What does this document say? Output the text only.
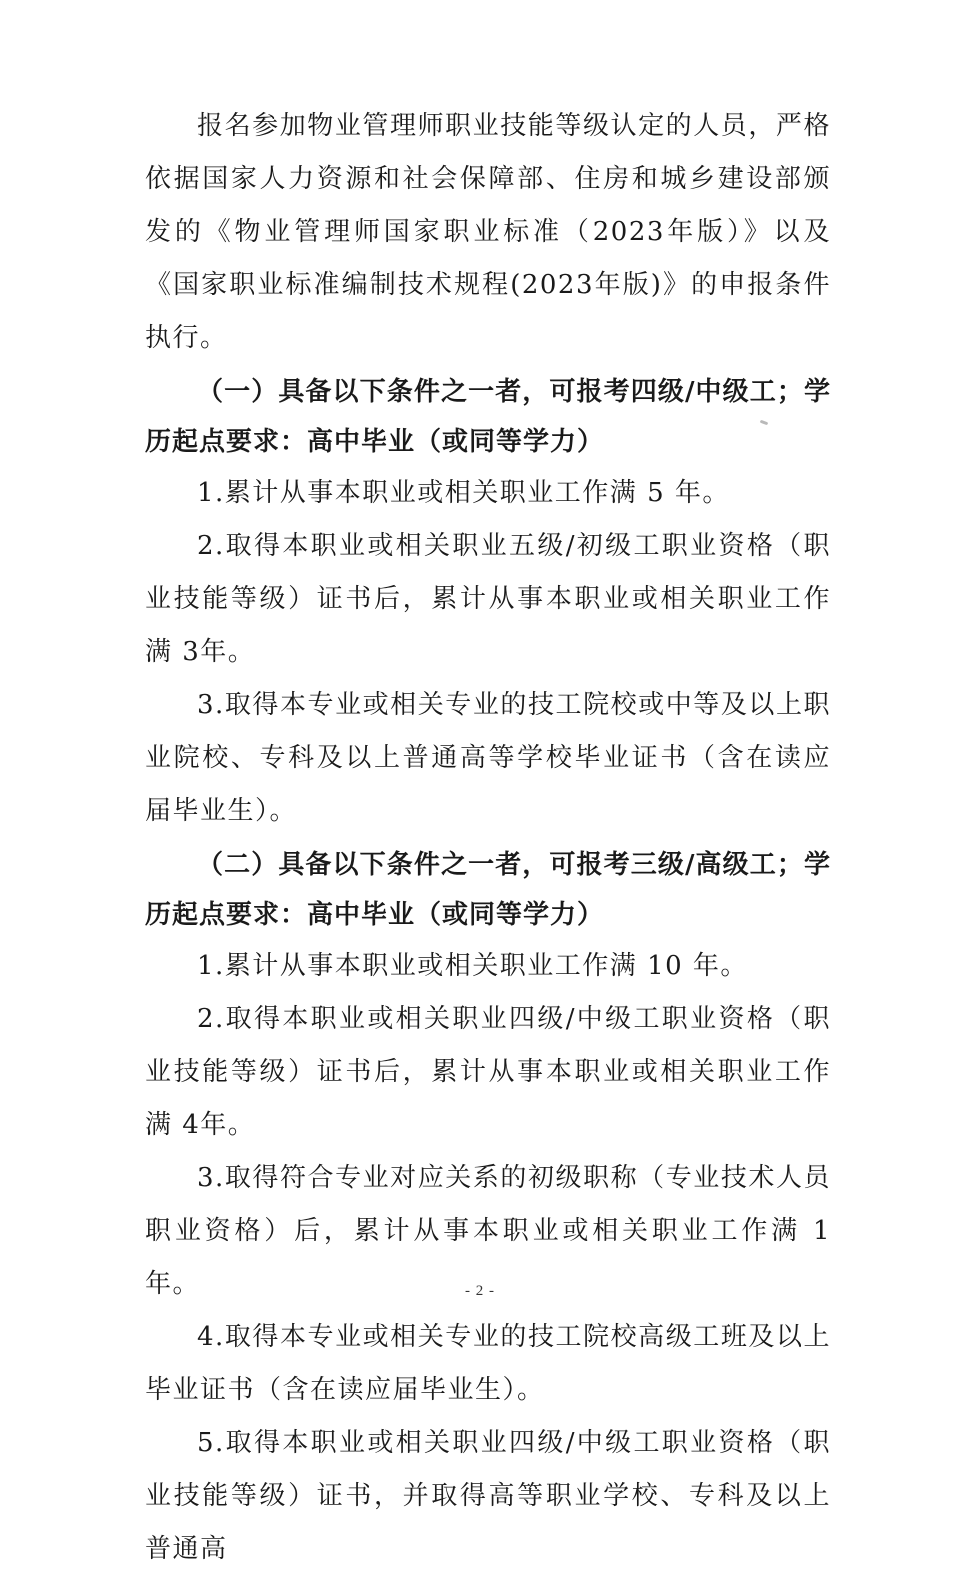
报名参加物业管理师职业技能等级认定的人员，严格依据国家人力资源和社会保障部、住房和城乡建设部颁发的《物业管理师国家职业标准（2023年版）》以及《国家职业标准编制技术规程(2023年版)》的申报条件执行。

（一）具备以下条件之一者，可报考四级/中级工；学历起点要求：高中毕业（或同等学力）

1.累计从事本职业或相关职业工作满 5 年。

2.取得本职业或相关职业五级/初级工职业资格（职业技能等级）证书后，累计从事本职业或相关职业工作满 3年。

3.取得本专业或相关专业的技工院校或中等及以上职业院校、专科及以上普通高等学校毕业证书（含在读应届毕业生）。

（二）具备以下条件之一者，可报考三级/高级工；学历起点要求：高中毕业（或同等学力）

1.累计从事本职业或相关职业工作满 10 年。

2.取得本职业或相关职业四级/中级工职业资格（职业技能等级）证书后，累计从事本职业或相关职业工作满 4年。

3.取得符合专业对应关系的初级职称（专业技术人员职业资格）后，累计从事本职业或相关职业工作满 1年。

4.取得本专业或相关专业的技工院校高级工班及以上毕业证书（含在读应届毕业生）。

5.取得本职业或相关职业四级/中级工职业资格（职业技能等级）证书，并取得高等职业学校、专科及以上普通高

- 2 -
